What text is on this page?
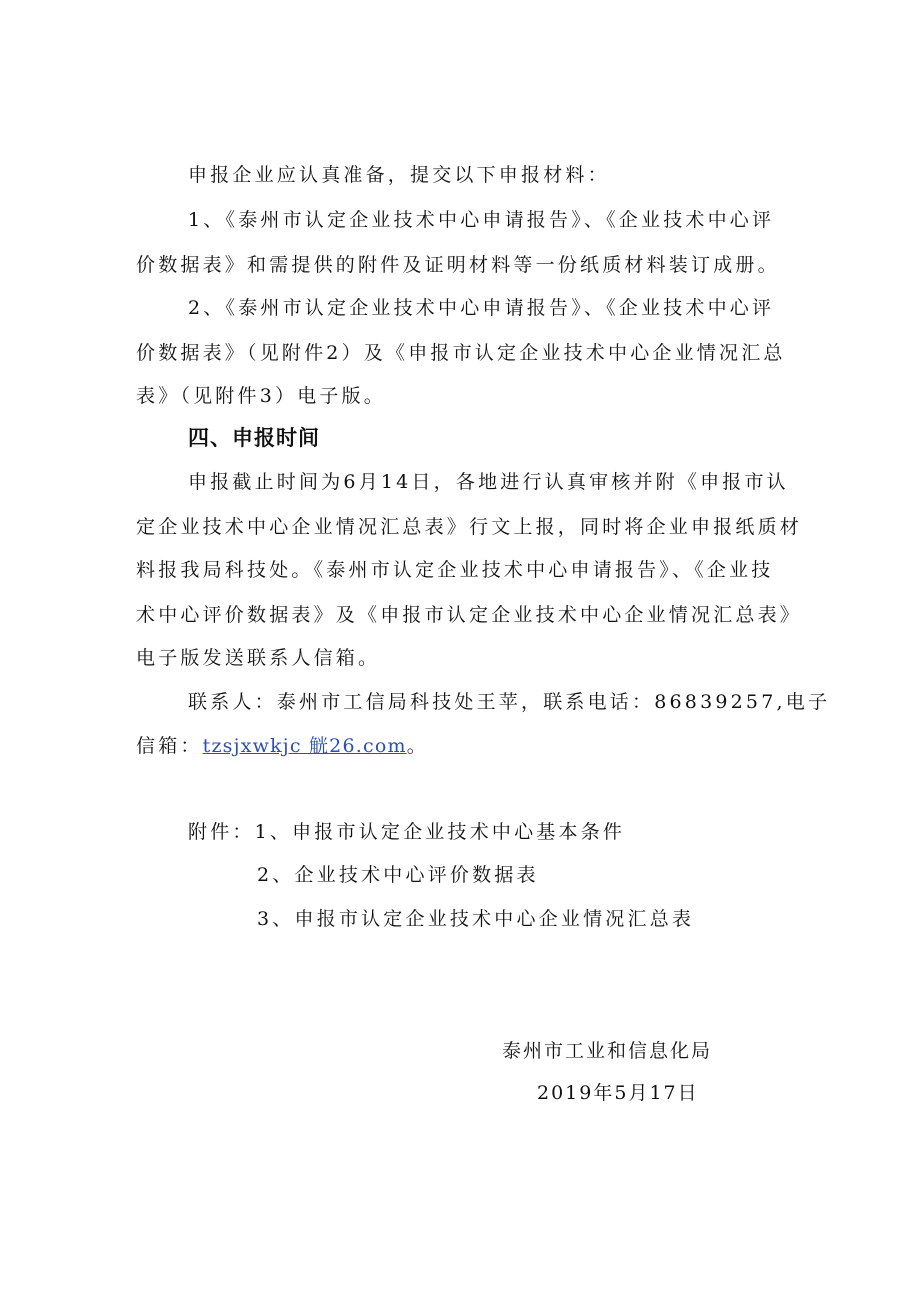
申报企业应认真准备，提交以下申报材料：
1、《泰州市认定企业技术中心申请报告》、《企业技术中心评
价数据表》和需提供的附件及证明材料等一份纸质材料装订成册。
2、《泰州市认定企业技术中心申请报告》、《企业技术中心评
价数据表》（见附件2）及《申报市认定企业技术中心企业情况汇总
表》（见附件3）电子版。
四、申报时间
申报截止时间为6月14日，各地进行认真审核并附《申报市认
定企业技术中心企业情况汇总表》行文上报，同时将企业申报纸质材
料报我局科技处。《泰州市认定企业技术中心申请报告》、《企业技
术中心评价数据表》及《申报市认定企业技术中心企业情况汇总表》
电子版发送联系人信箱。
联系人：泰州市工信局科技处王苹，联系电话：86839257,电子
信箱：tzsjxwkjc 觥26.com。
附件：1、申报市认定企业技术中心基本条件
2、企业技术中心评价数据表
3、申报市认定企业技术中心企业情况汇总表
泰州市工业和信息化局
2019年5月17日
